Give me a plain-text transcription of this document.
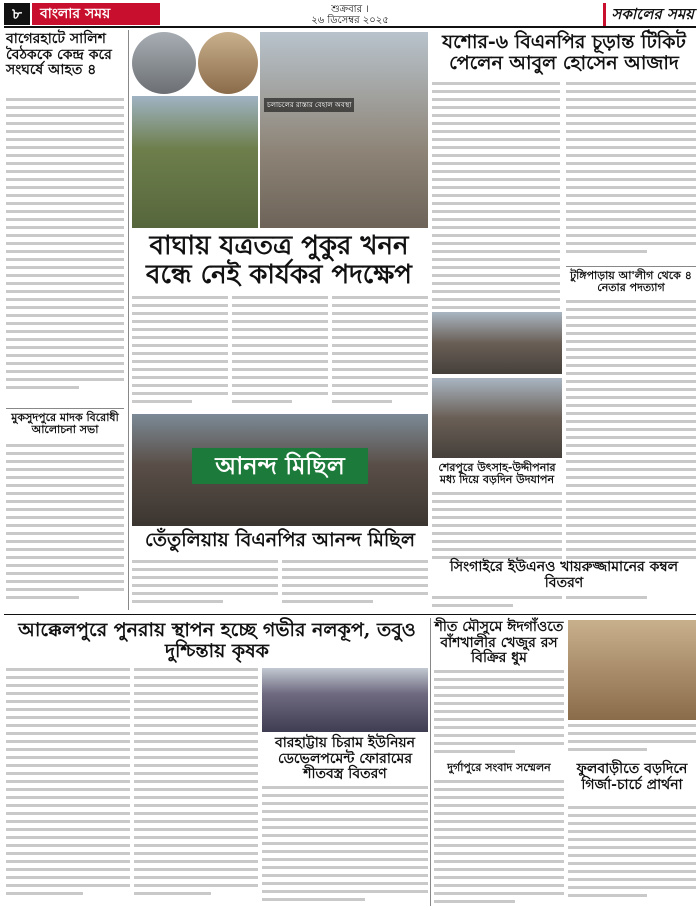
৮	বাংলার সময়	শুক্রবার ।
২৬ ডিসেম্বর ২০২৫	সকালের সময়
বাগেরহাটে সালিশ বৈঠককে কেন্দ্র করে সংঘর্ষে আহত ৪
চলাচলের রাস্তার বেহাল অবস্থা
যশোর-৬ বিএনপির চূড়ান্ত টিকিট পেলেন আবুল হোসেন আজাদ
টুঙ্গিপাড়ায় আ'লীগ থেকে ৪ নেতার পদত্যাগ
বাঘায় যত্রতত্র পুকুর খনন বন্ধে নেই কার্যকর পদক্ষেপ
মুকসুদপুরে মাদক বিরোধী আলোচনা সভা
আনন্দ মিছিল
তেঁতুলিয়ায় বিএনপির আনন্দ মিছিল
শেরপুরে উৎসাহ-উদ্দীপনার মধ্য দিয়ে বড়দিন উদযাপন
আক্কেলপুরে পুনরায় স্থাপন হচ্ছে গভীর নলকূপ, তবুও দুশ্চিন্তায় কৃষক
বারহাট্টায় চিরাম ইউনিয়ন ডেভেলপমেন্ট ফোরামের শীতবস্ত্র বিতরণ
শীত মৌসুমে ঈদগাঁওতে বাঁশখালীর খেজুর রস বিক্রির ধুম
দুর্গাপুরে সংবাদ সম্মেলন	ফুলবাড়ীতে বড়দিনে গির্জা-চার্চে প্রার্থনা
সিংগাইরে ইউএনও খায়রুজ্জামানের কম্বল বিতরণ
